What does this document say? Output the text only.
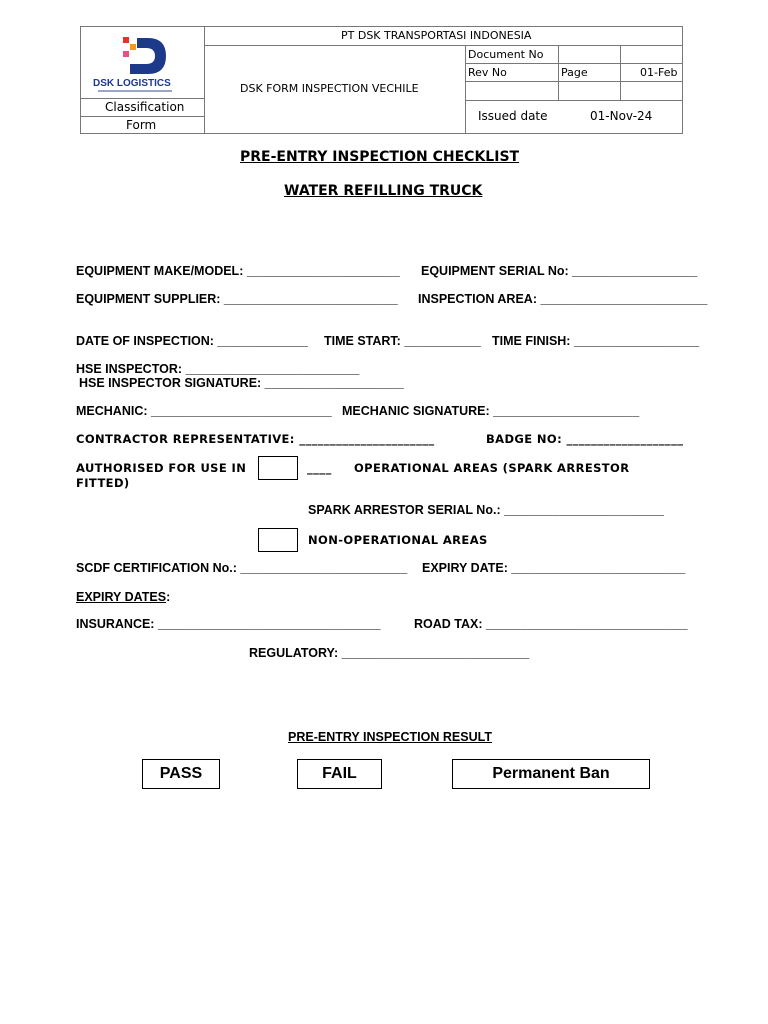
DSK LOGISTICS
Classification
Form
PT DSK TRANSPORTASI INDONESIA
DSK FORM INSPECTION VECHILE
Document No
Rev No	Page	01-Feb
Issued date	01-Nov-24
PRE-ENTRY INSPECTION CHECKLIST
WATER REFILLING TRUCK
EQUIPMENT MAKE/MODEL: ______________________ EQUIPMENT SERIAL No: __________________
EQUIPMENT SUPPLIER: _________________________ INSPECTION AREA: ________________________
DATE OF INSPECTION: _____________ TIME START: ___________ TIME FINISH: __________________
HSE INSPECTOR: _________________________
HSE INSPECTOR SIGNATURE: ____________________
MECHANIC: __________________________ MECHANIC SIGNATURE: _____________________
CONTRACTOR REPRESENTATIVE: ______________________	BADGE NO: ___________________
AUTHORISED FOR USE IN	____ OPERATIONAL AREAS (SPARK ARRESTOR
FITTED)
SPARK ARRESTOR SERIAL No.: _______________________
NON-OPERATIONAL AREAS
SCDF CERTIFICATION No.: ________________________ EXPIRY DATE: _________________________
EXPIRY DATES:
INSURANCE: ________________________________	ROAD TAX: _____________________________
REGULATORY: ___________________________
PRE-ENTRY INSPECTION RESULT
PASS	FAIL	Permanent Ban
